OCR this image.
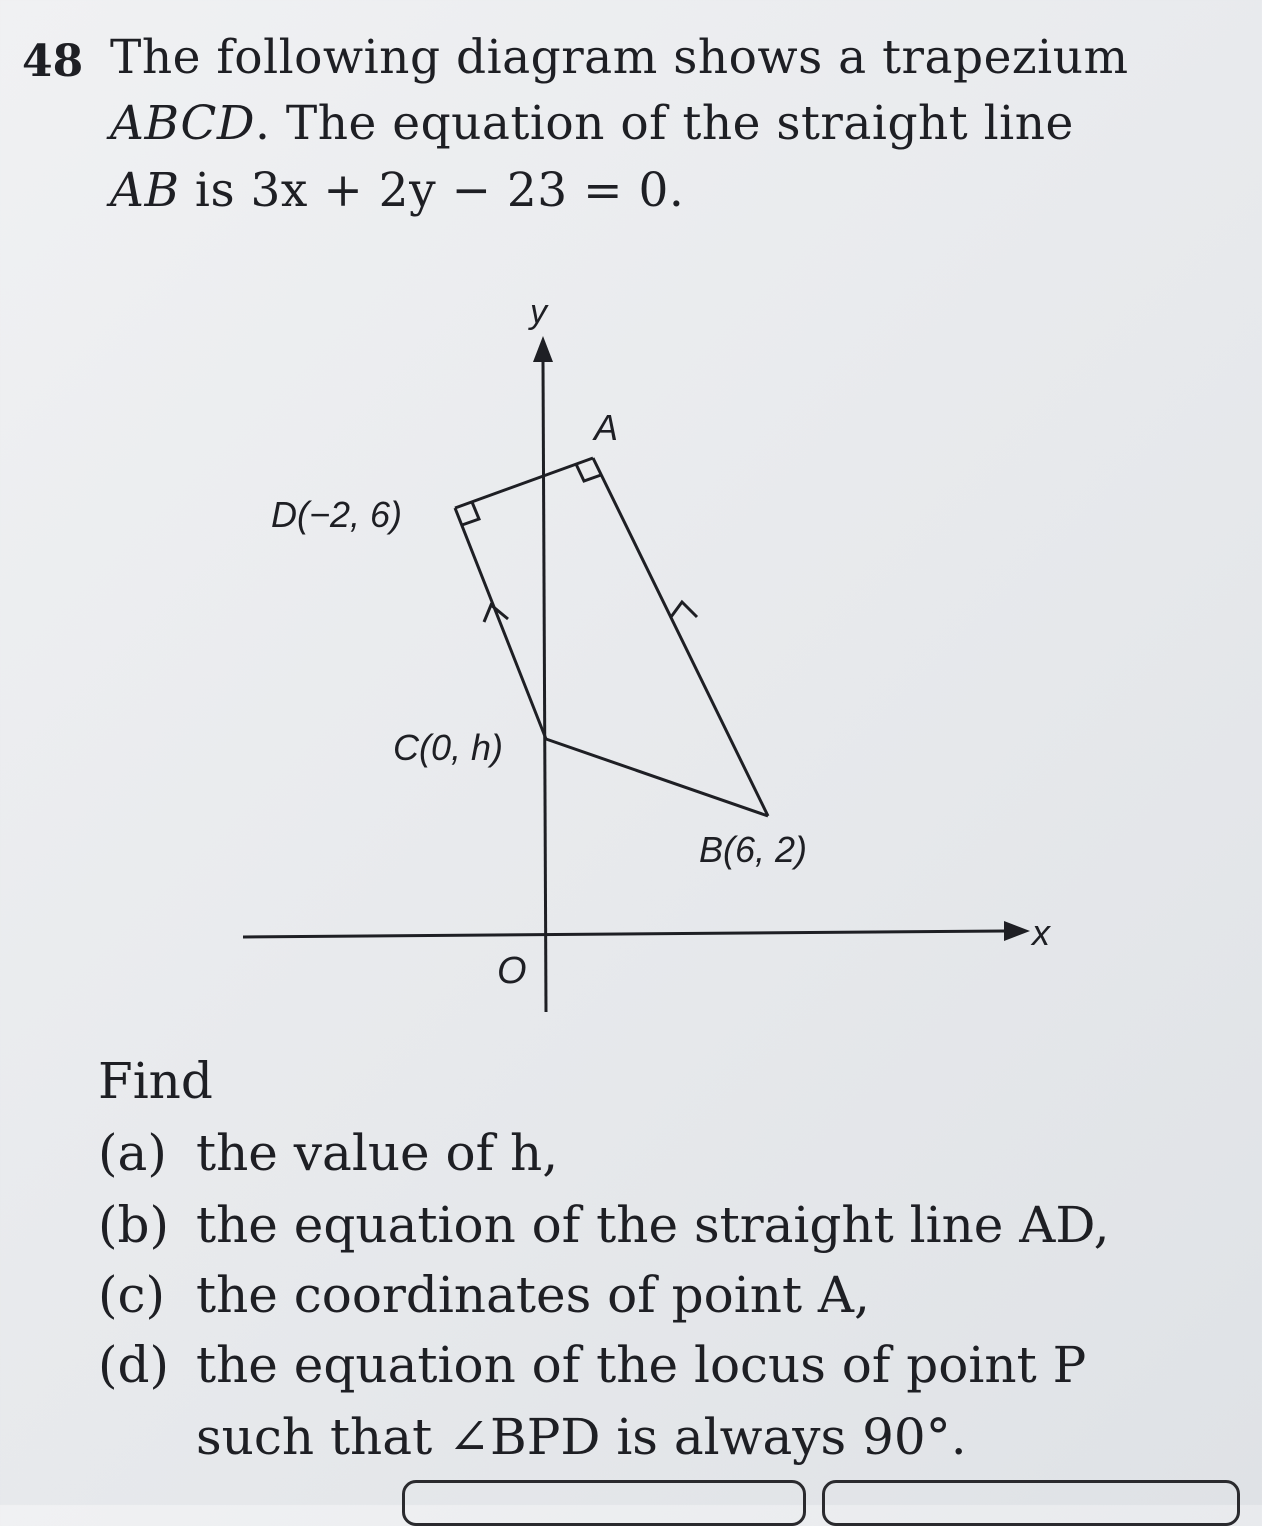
48 The following diagram shows a trapezium
ABCD. The equation of the straight line
AB is 3x + 2y − 23 = 0.
y
x
O
A
D(−2, 6)
C(0, h)
B(6, 2)
Find
(a) the value of h,
(b) the equation of the straight line AD,
(c) the coordinates of point A,
(d) the equation of the locus of point P
such that ∠BPD is always 90°.
